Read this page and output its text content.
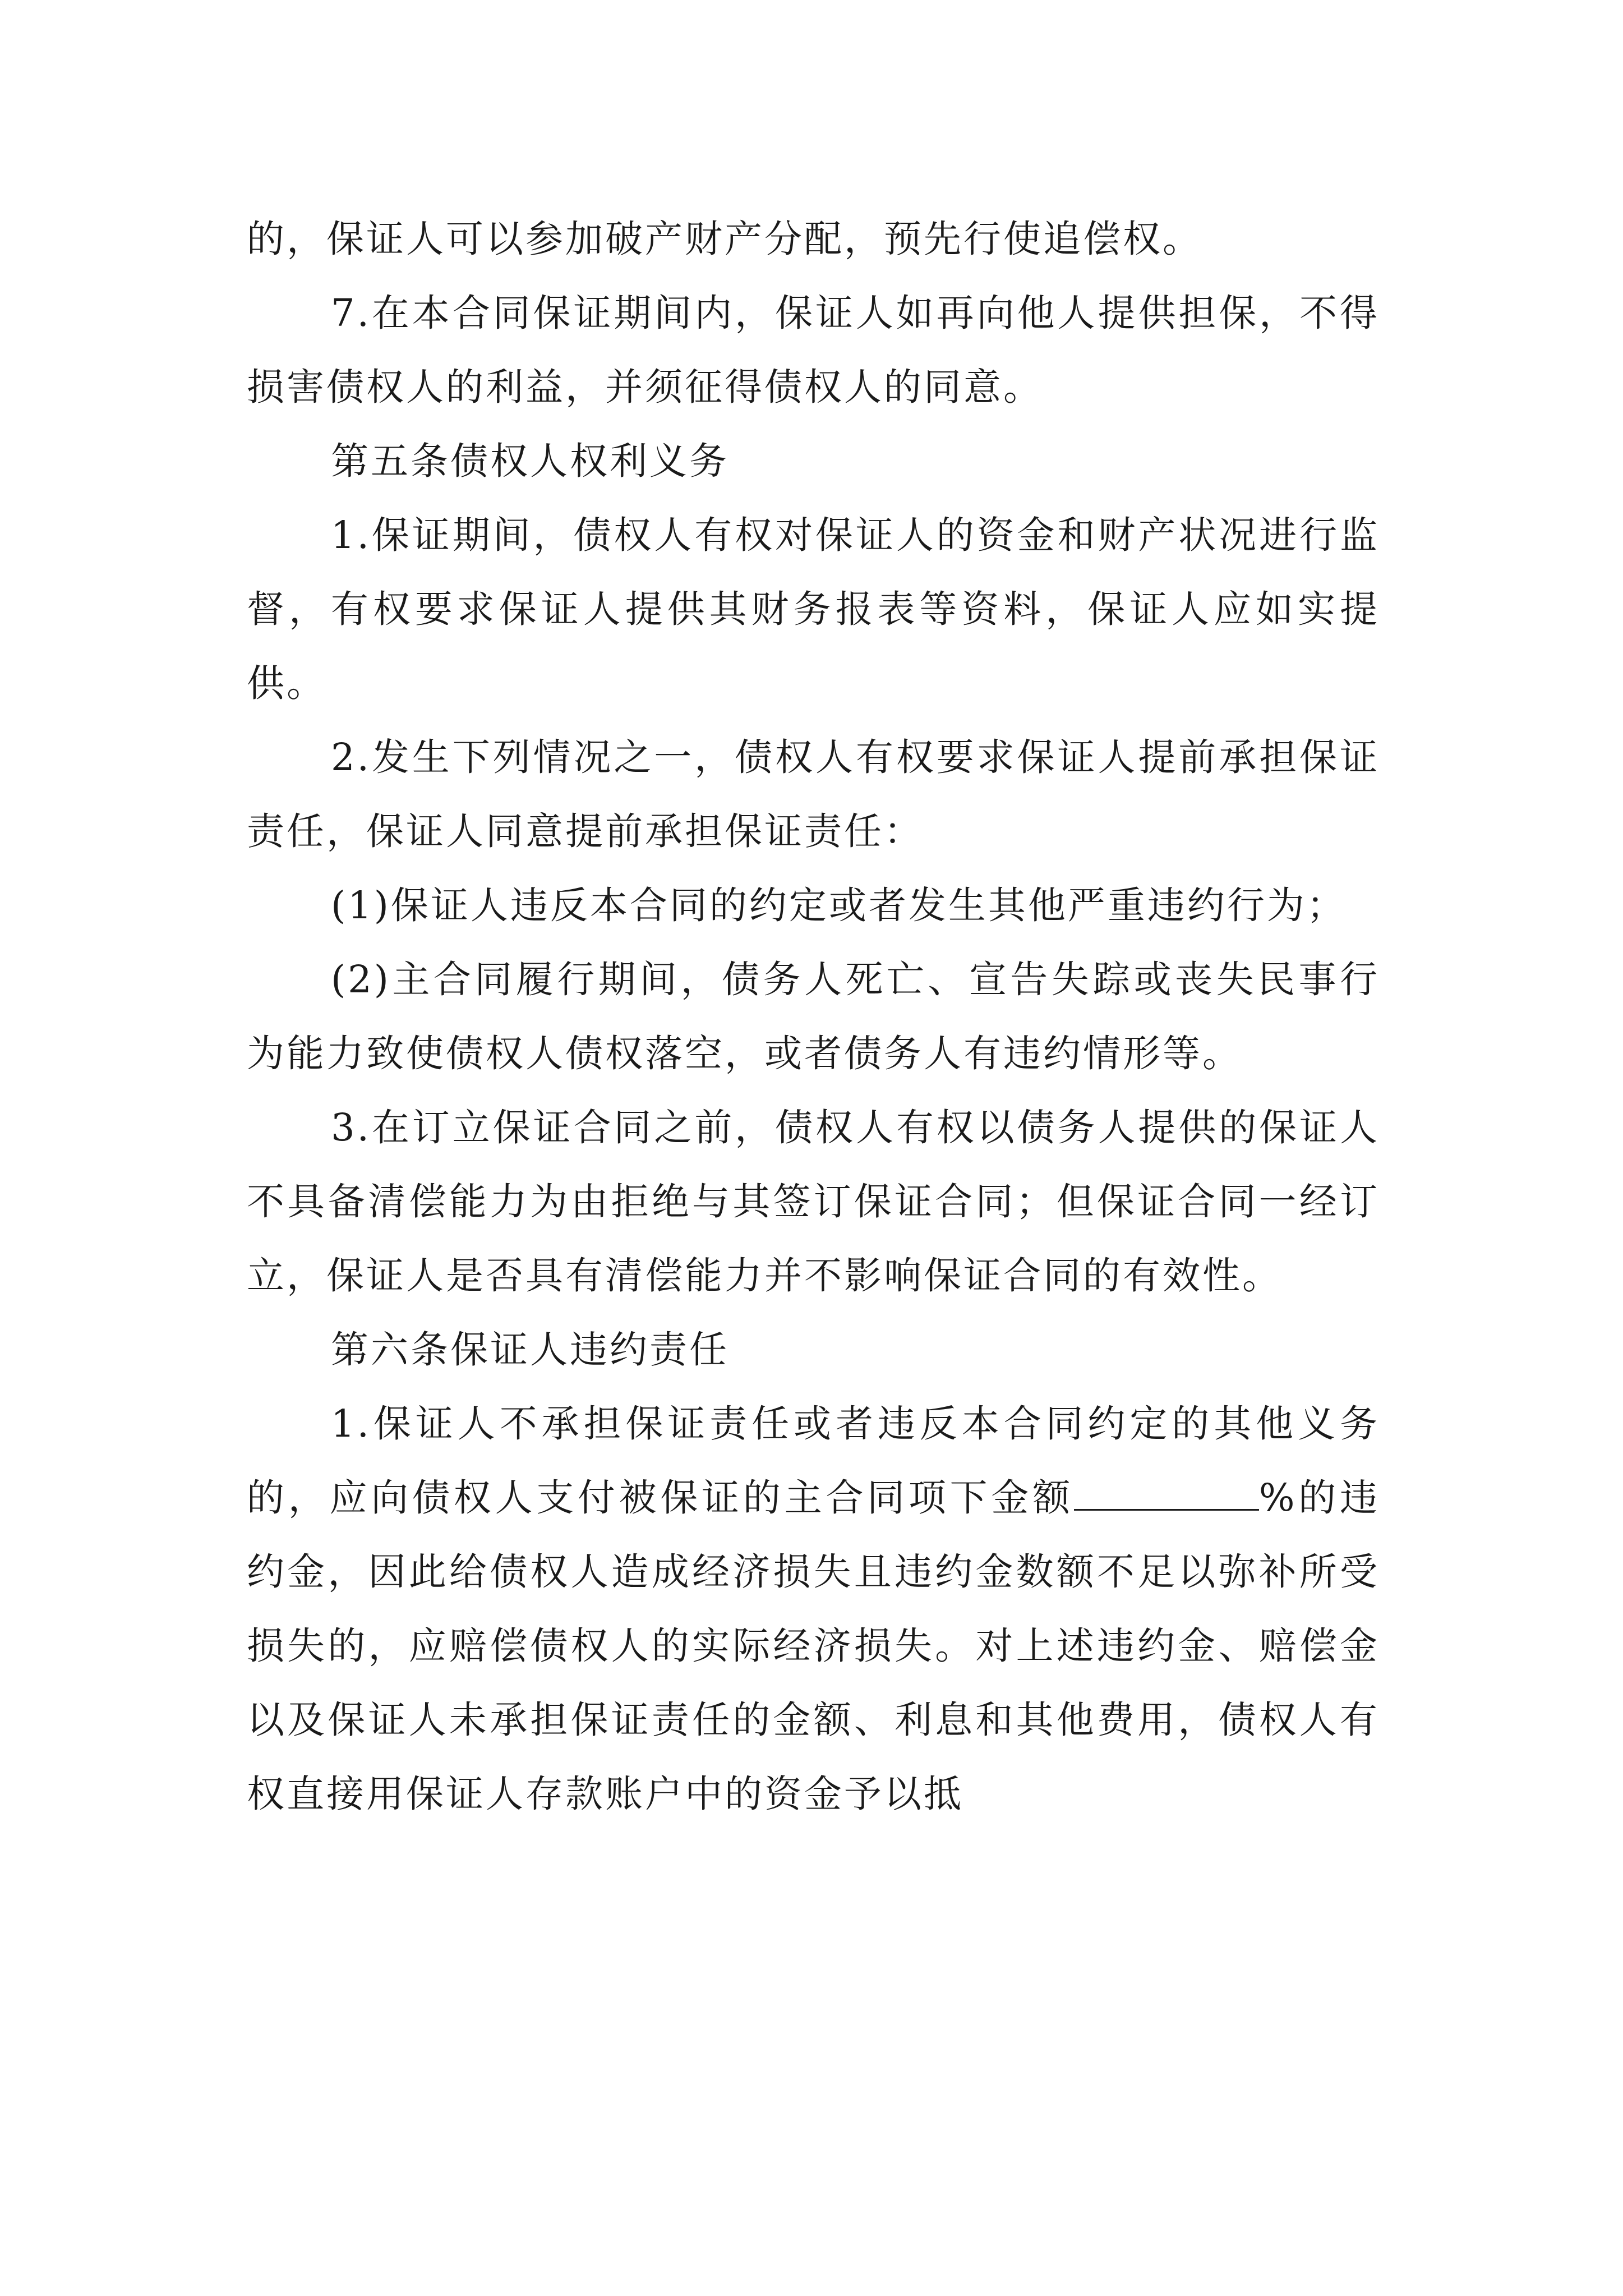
的，保证人可以参加破产财产分配，预先行使追偿权。

7.在本合同保证期间内，保证人如再向他人提供担保，不得损害债权人的利益，并须征得债权人的同意。

第五条债权人权利义务

1.保证期间，债权人有权对保证人的资金和财产状况进行监督，有权要求保证人提供其财务报表等资料，保证人应如实提供。

2.发生下列情况之一，债权人有权要求保证人提前承担保证责任，保证人同意提前承担保证责任：

(1)保证人违反本合同的约定或者发生其他严重违约行为；

(2)主合同履行期间，债务人死亡、宣告失踪或丧失民事行为能力致使债权人债权落空，或者债务人有违约情形等。

3.在订立保证合同之前，债权人有权以债务人提供的保证人不具备清偿能力为由拒绝与其签订保证合同；但保证合同一经订立，保证人是否具有清偿能力并不影响保证合同的有效性。

第六条保证人违约责任

1.保证人不承担保证责任或者违反本合同约定的其他义务的，应向债权人支付被保证的主合同项下金额	%的违约金，因此给债权人造成经济损失且违约金数额不足以弥补所受损失的，应赔偿债权人的实际经济损失。对上述违约金、赔偿金以及保证人未承担保证责任的金额、利息和其他费用，债权人有权直接用保证人存款账户中的资金予以抵
